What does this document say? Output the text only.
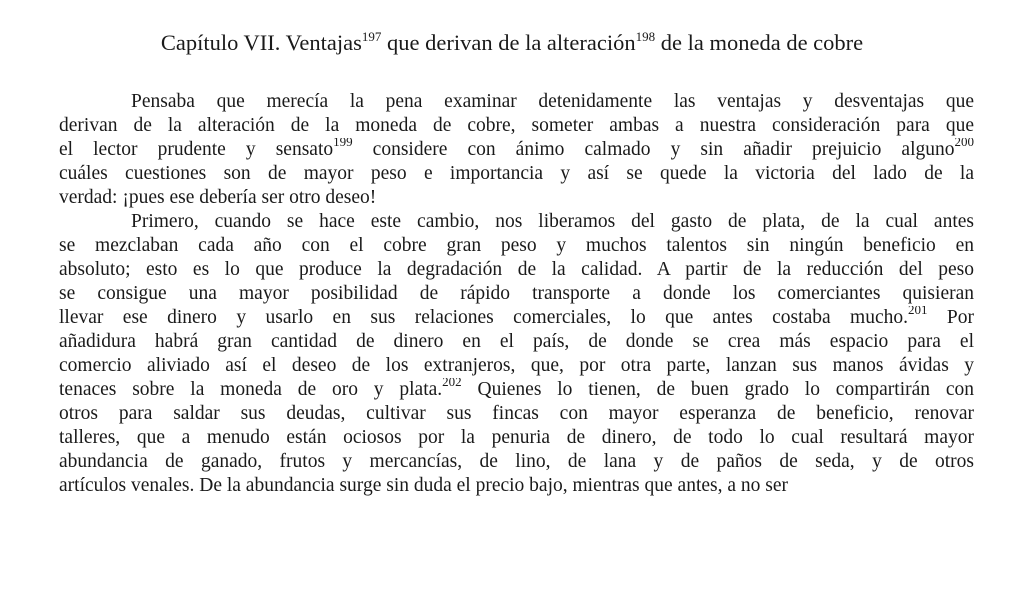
Capítulo VII. Ventajas$^{197}$ que derivan de la alteración$^{198}$ de la moneda de cobre
Pensaba que merecía la pena examinar detenidamente las ventajas y desventajas que
derivan de la alteración de la moneda de cobre, someter ambas a nuestra consideración para que
el lector prudente y sensato$^{199}$ considere con ánimo calmado y sin añadir prejuicio alguno$^{200}$
cuáles cuestiones son de mayor peso e importancia y así se quede la victoria del lado de la
verdad: ¡pues ese debería ser otro deseo!
Primero, cuando se hace este cambio, nos liberamos del gasto de plata, de la cual antes
se mezclaban cada año con el cobre gran peso y muchos talentos sin ningún beneficio en
absoluto; esto es lo que produce la degradación de la calidad. A partir de la reducción del peso
se consigue una mayor posibilidad de rápido transporte a donde los comerciantes quisieran
llevar ese dinero y usarlo en sus relaciones comerciales, lo que antes costaba mucho.$^{201}$ Por
añadidura habrá gran cantidad de dinero en el país, de donde se crea más espacio para el
comercio aliviado así el deseo de los extranjeros, que, por otra parte, lanzan sus manos ávidas y
tenaces sobre la moneda de oro y plata.$^{202}$ Quienes lo tienen, de buen grado lo compartirán con
otros para saldar sus deudas, cultivar sus fincas con mayor esperanza de beneficio, renovar
talleres, que a menudo están ociosos por la penuria de dinero, de todo lo cual resultará mayor
abundancia de ganado, frutos y mercancías, de lino, de lana y de paños de seda, y de otros
artículos venales. De la abundancia surge sin duda el precio bajo, mientras que antes, a no ser
